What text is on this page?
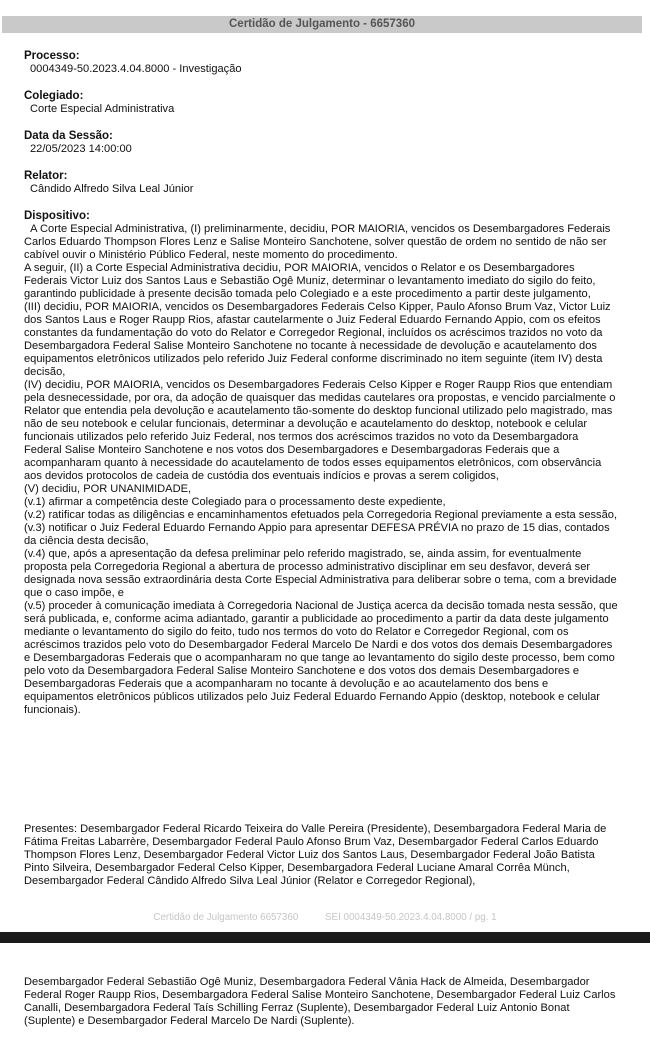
Certidão de Julgamento - 6657360
Processo:
0004349-50.2023.4.04.8000 - Investigação
Colegiado:
Corte Especial Administrativa
Data da Sessão:
22/05/2023 14:00:00
Relator:
Cândido Alfredo Silva Leal Júnior
Dispositivo:
A Corte Especial Administrativa, (I) preliminarmente, decidiu, POR MAIORIA, vencidos os Desembargadores Federais Carlos Eduardo Thompson Flores Lenz e Salise Monteiro Sanchotene, solver questão de ordem no sentido de não ser cabível ouvir o Ministério Público Federal, neste momento do procedimento.
A seguir, (II) a Corte Especial Administrativa decidiu, POR MAIORIA, vencidos o Relator e os Desembargadores Federais Victor Luiz dos Santos Laus e Sebastião Ogê Muniz, determinar o levantamento imediato do sigilo do feito, garantindo publicidade à presente decisão tomada pelo Colegiado e a este procedimento a partir deste julgamento,
(III) decidiu, POR MAIORIA, vencidos os Desembargadores Federais Celso Kipper, Paulo Afonso Brum Vaz, Victor Luiz dos Santos Laus e Roger Raupp Rios, afastar cautelarmente o Juiz Federal Eduardo Fernando Appio, com os efeitos constantes da fundamentação do voto do Relator e Corregedor Regional, incluídos os acréscimos trazidos no voto da Desembargadora Federal Salise Monteiro Sanchotene no tocante à necessidade de devolução e acautelamento dos equipamentos eletrônicos utilizados pelo referido Juiz Federal conforme discriminado no item seguinte (item IV) desta decisão,
(IV) decidiu, POR MAIORIA, vencidos os Desembargadores Federais Celso Kipper e Roger Raupp Rios que entendiam pela desnecessidade, por ora, da adoção de quaisquer das medidas cautelares ora propostas, e vencido parcialmente o Relator que entendia pela devolução e acautelamento tão-somente do desktop funcional utilizado pelo magistrado, mas não de seu notebook e celular funcionais, determinar a devolução e acautelamento do desktop, notebook e celular funcionais utilizados pelo referido Juiz Federal, nos termos dos acréscimos trazidos no voto da Desembargadora Federal Salise Monteiro Sanchotene e nos votos dos Desembargadores e Desembargadoras Federais que a acompanharam quanto à necessidade do acautelamento de todos esses equipamentos eletrônicos, com observância aos devidos protocolos de cadeia de custódia dos eventuais indícios e provas a serem coligidos,
(V) decidiu, POR UNANIMIDADE,
(v.1) afirmar a competência deste Colegiado para o processamento deste expediente,
(v.2) ratificar todas as diligências e encaminhamentos efetuados pela Corregedoria Regional previamente a esta sessão,
(v.3) notificar o Juiz Federal Eduardo Fernando Appio para apresentar DEFESA PRÉVIA no prazo de 15 dias, contados da ciência desta decisão,
(v.4) que, após a apresentação da defesa preliminar pelo referido magistrado, se, ainda assim, for eventualmente proposta pela Corregedoria Regional a abertura de processo administrativo disciplinar em seu desfavor, deverá ser designada nova sessão extraordinária desta Corte Especial Administrativa para deliberar sobre o tema, com a brevidade que o caso impõe, e
(v.5) proceder à comunicação imediata à Corregedoria Nacional de Justiça acerca da decisão tomada nesta sessão, que será publicada, e, conforme acima adiantado, garantir a publicidade ao procedimento a partir da data deste julgamento mediante o levantamento do sigilo do feito, tudo nos termos do voto do Relator e Corregedor Regional, com os acréscimos trazidos pelo voto do Desembargador Federal Marcelo De Nardi e dos votos dos demais Desembargadores e Desembargadoras Federais que o acompanharam no que tange ao levantamento do sigilo deste processo, bem como pelo voto da Desembargadora Federal Salise Monteiro Sanchotene e dos votos dos demais Desembargadores e Desembargadoras Federais que a acompanharam no tocante à devolução e ao acautelamento dos bens e equipamentos eletrônicos públicos utilizados pelo Juiz Federal Eduardo Fernando Appio (desktop, notebook e celular funcionais).
Presentes: Desembargador Federal Ricardo Teixeira do Valle Pereira (Presidente), Desembargadora Federal Maria de Fátima Freitas Labarrère, Desembargador Federal Paulo Afonso Brum Vaz, Desembargador Federal Carlos Eduardo Thompson Flores Lenz, Desembargador Federal Victor Luiz dos Santos Laus, Desembargador Federal João Batista Pinto Silveira, Desembargador Federal Celso Kipper, Desembargadora Federal Luciane Amaral Corrêa Münch, Desembargador Federal Cândido Alfredo Silva Leal Júnior (Relator e Corregedor Regional),
Certidão de Julgamento 6657360	SEI 0004349-50.2023.4.04.8000 / pg. 1
Desembargador Federal Sebastião Ogê Muniz, Desembargadora Federal Vânia Hack de Almeida, Desembargador Federal Roger Raupp Rios, Desembargadora Federal Salise Monteiro Sanchotene, Desembargador Federal Luiz Carlos Canalli, Desembargadora Federal Taís Schilling Ferraz (Suplente), Desembargador Federal Luiz Antonio Bonat (Suplente) e Desembargador Federal Marcelo De Nardi (Suplente).
